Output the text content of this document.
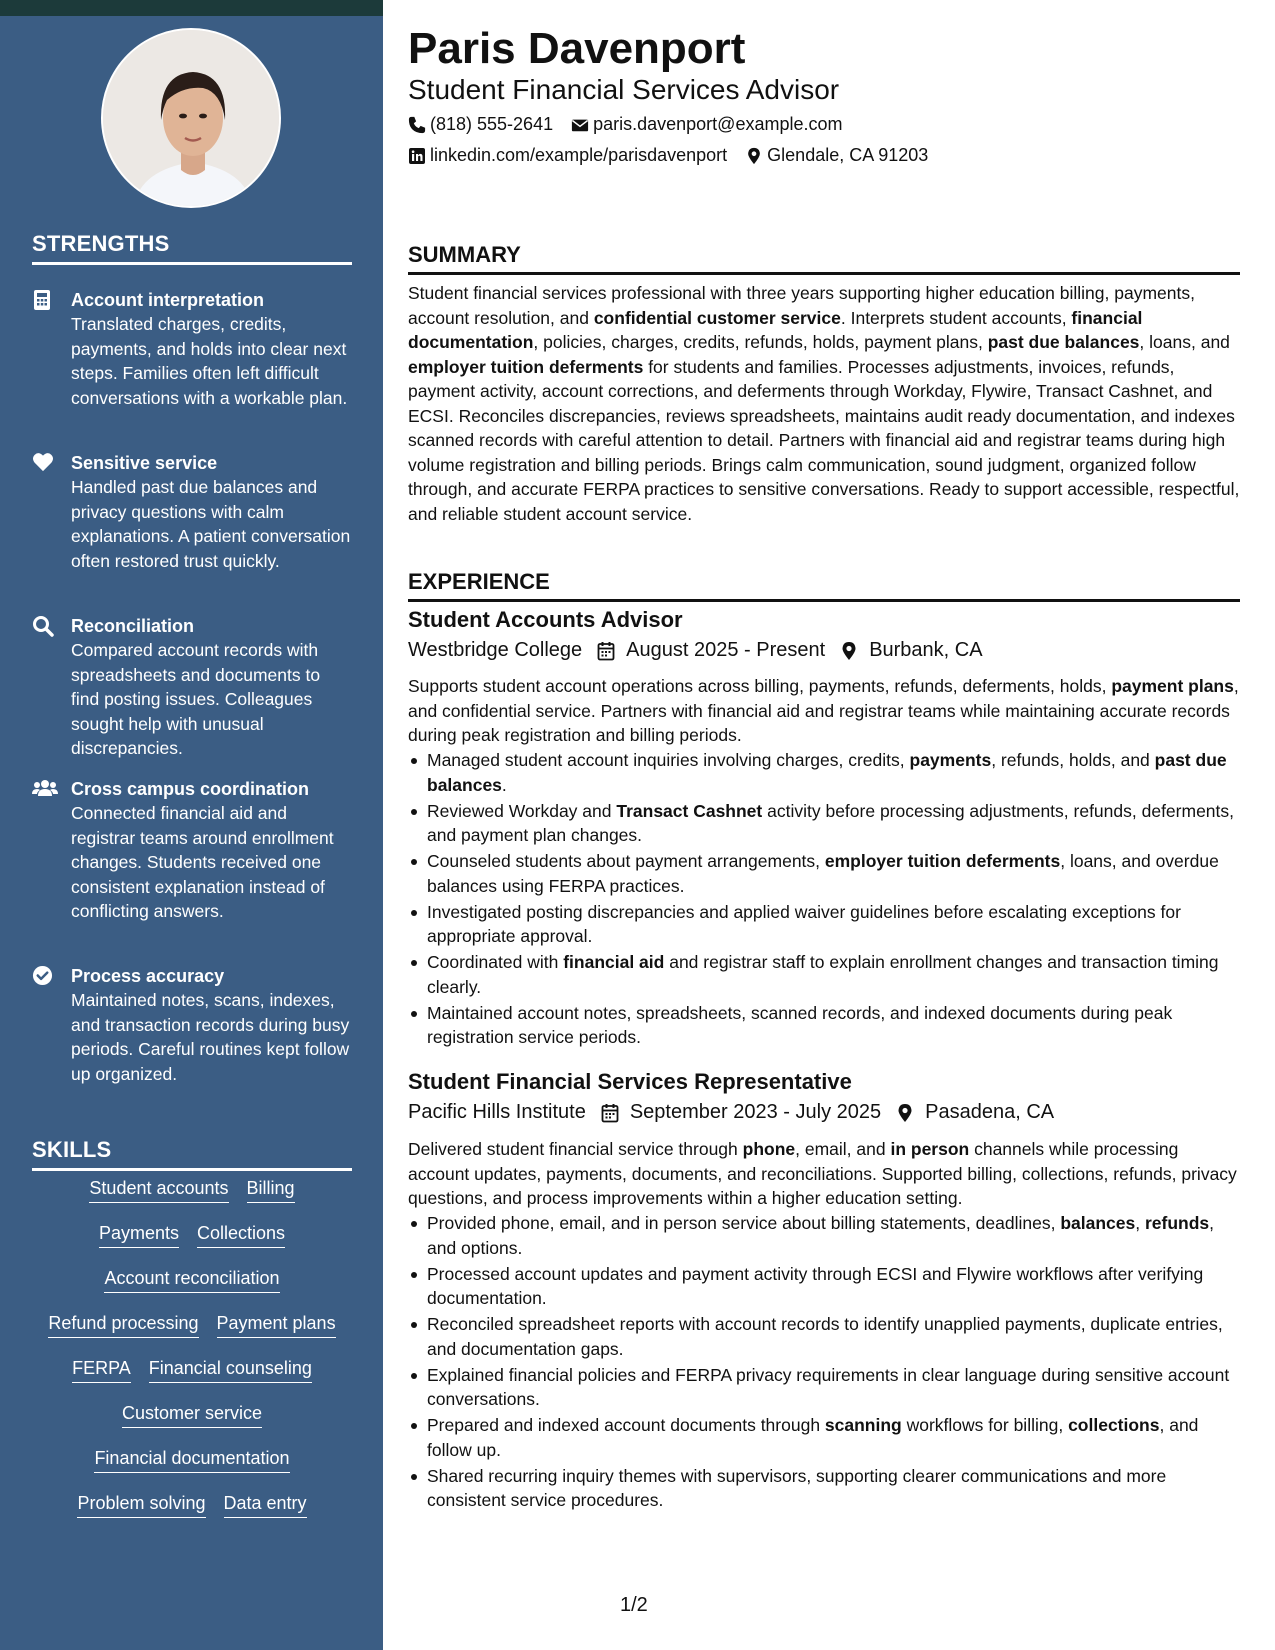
STRENGTHS
Account interpretation
Translated charges, credits, payments, and holds into clear next steps. Families often left difficult conversations with a workable plan.
Sensitive service
Handled past due balances and privacy questions with calm explanations. A patient conversation often restored trust quickly.
Reconciliation
Compared account records with spreadsheets and documents to find posting issues. Colleagues sought help with unusual discrepancies.
Cross campus coordination
Connected financial aid and registrar teams around enrollment changes. Students received one consistent explanation instead of conflicting answers.
Process accuracy
Maintained notes, scans, indexes, and transaction records during busy periods. Careful routines kept follow up organized.
SKILLS
Student accounts Billing
Payments Collections
Account reconciliation
Refund processing Payment plans
FERPA Financial counseling
Customer service
Financial documentation
Problem solving Data entry
Paris Davenport
Student Financial Services Advisor
(818) 555-2641 paris.davenport@example.com
linkedin.com/example/parisdavenport Glendale, CA 91203
SUMMARY
Student financial services professional with three years supporting higher education billing, payments, account resolution, and confidential customer service. Interprets student accounts, financial documentation, policies, charges, credits, refunds, holds, payment plans, past due balances, loans, and employer tuition deferments for students and families. Processes adjustments, invoices, refunds, payment activity, account corrections, and deferments through Workday, Flywire, Transact Cashnet, and ECSI. Reconciles discrepancies, reviews spreadsheets, maintains audit ready documentation, and indexes scanned records with careful attention to detail. Partners with financial aid and registrar teams during high volume registration and billing periods. Brings calm communication, sound judgment, organized follow through, and accurate FERPA practices to sensitive conversations. Ready to support accessible, respectful, and reliable student account service.
EXPERIENCE
Student Accounts Advisor
Westbridge College August 2025 - Present Burbank, CA
Supports student account operations across billing, payments, refunds, deferments, holds, payment plans, and confidential service. Partners with financial aid and registrar teams while maintaining accurate records during peak registration and billing periods.
Managed student account inquiries involving charges, credits, payments, refunds, holds, and past due balances.
Reviewed Workday and Transact Cashnet activity before processing adjustments, refunds, deferments, and payment plan changes.
Counseled students about payment arrangements, employer tuition deferments, loans, and overdue balances using FERPA practices.
Investigated posting discrepancies and applied waiver guidelines before escalating exceptions for appropriate approval.
Coordinated with financial aid and registrar staff to explain enrollment changes and transaction timing clearly.
Maintained account notes, spreadsheets, scanned records, and indexed documents during peak registration service periods.
Student Financial Services Representative
Pacific Hills Institute September 2023 - July 2025 Pasadena, CA
Delivered student financial service through phone, email, and in person channels while processing account updates, payments, documents, and reconciliations. Supported billing, collections, refunds, privacy questions, and process improvements within a higher education setting.
Provided phone, email, and in person service about billing statements, deadlines, balances, refunds, and options.
Processed account updates and payment activity through ECSI and Flywire workflows after verifying documentation.
Reconciled spreadsheet reports with account records to identify unapplied payments, duplicate entries, and documentation gaps.
Explained financial policies and FERPA privacy requirements in clear language during sensitive account conversations.
Prepared and indexed account documents through scanning workflows for billing, collections, and follow up.
Shared recurring inquiry themes with supervisors, supporting clearer communications and more consistent service procedures.
1/2
